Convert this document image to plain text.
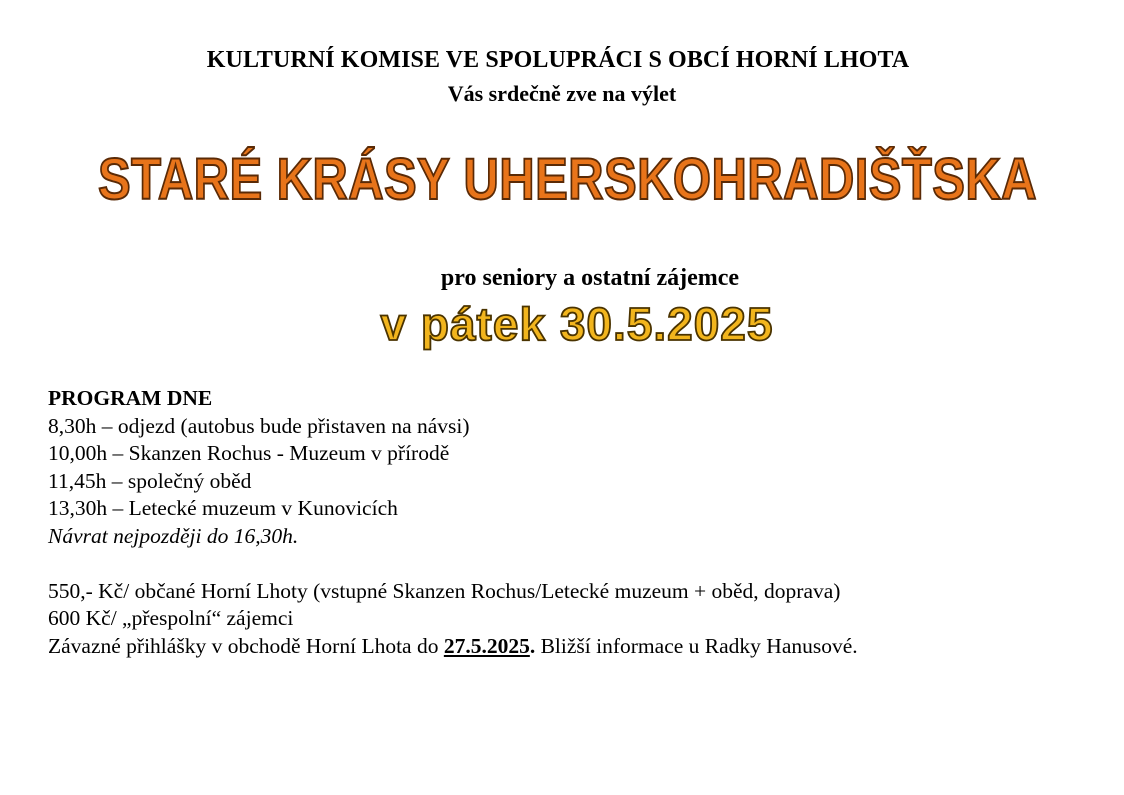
KULTURNÍ KOMISE VE SPOLUPRÁCI S OBCÍ HORNÍ LHOTA
Vás srdečně zve na výlet
STARÉ KRÁSY UHERSKOHRADIŠŤSKA
pro seniory a ostatní zájemce
v pátek 30.5.2025
PROGRAM DNE
8,30h – odjezd (autobus bude přistaven na návsi)
10,00h – Skanzen Rochus - Muzeum v přírodě
11,45h – společný oběd
13,30h – Letecké muzeum v Kunovicích
Návrat nejpozději do 16,30h.
550,- Kč/ občané Horní Lhoty (vstupné Skanzen Rochus/Letecké muzeum + oběd, doprava)
600 Kč/ „přespolní“ zájemci
Závazné přihlášky v obchodě Horní Lhota do 27.5.2025. Bližší informace u Radky Hanusové.
